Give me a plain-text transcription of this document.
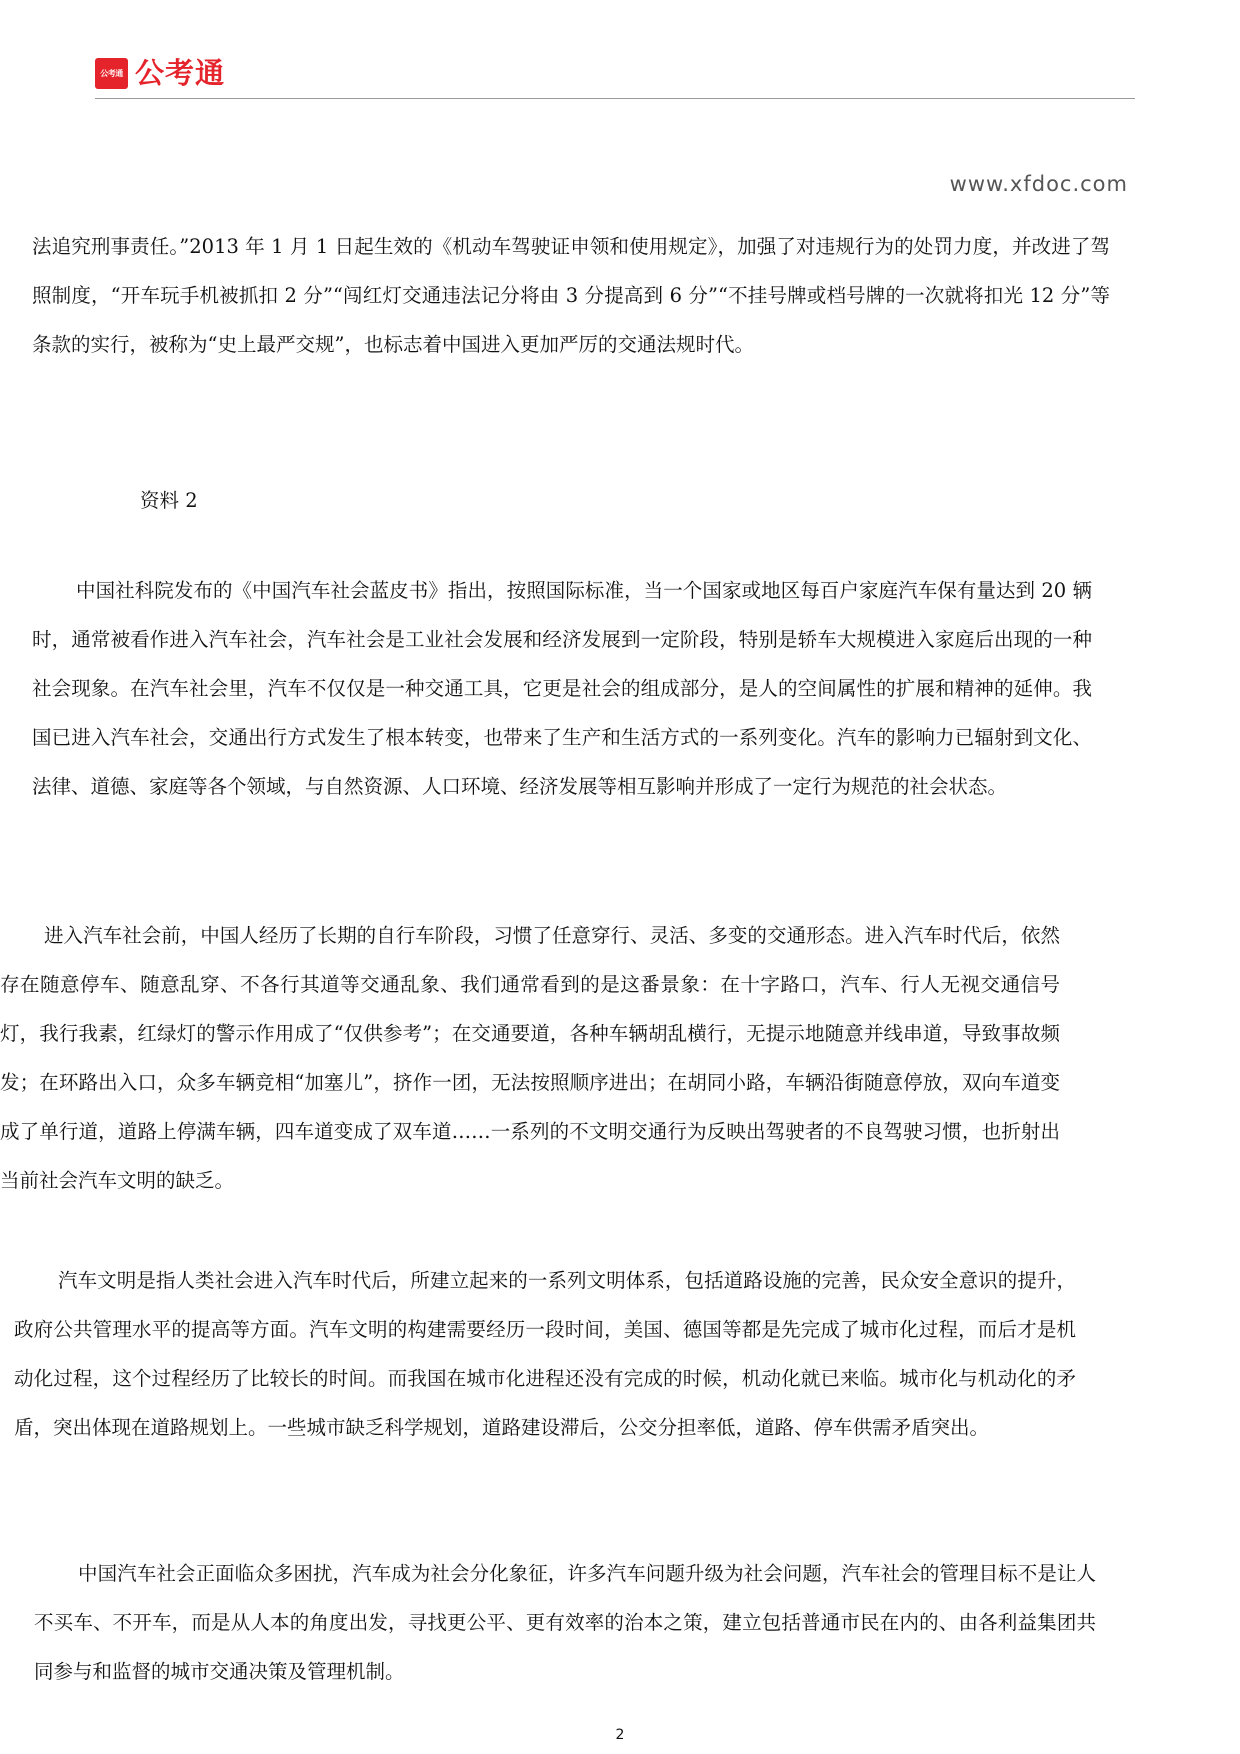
公考通 公考通
www.xfdoc.com

法追究刑事责任。”2013 年 1 月 1 日起生效的《机动车驾驶证申领和使用规定》，加强了对违规行为的处罚力度，并改进了驾照制度，“开车玩手机被抓扣 2 分”“闯红灯交通违法记分将由 3 分提高到 6 分”“不挂号牌或档号牌的一次就将扣光 12 分”等条款的实行，被称为“史上最严交规”，也标志着中国进入更加严厉的交通法规时代。

资料 2

中国社科院发布的《中国汽车社会蓝皮书》指出，按照国际标准，当一个国家或地区每百户家庭汽车保有量达到 20 辆时，通常被看作进入汽车社会，汽车社会是工业社会发展和经济发展到一定阶段，特别是轿车大规模进入家庭后出现的一种社会现象。在汽车社会里，汽车不仅仅是一种交通工具，它更是社会的组成部分，是人的空间属性的扩展和精神的延伸。我国已进入汽车社会，交通出行方式发生了根本转变，也带来了生产和生活方式的一系列变化。汽车的影响力已辐射到文化、法律、道德、家庭等各个领域，与自然资源、人口环境、经济发展等相互影响并形成了一定行为规范的社会状态。

进入汽车社会前，中国人经历了长期的自行车阶段，习惯了任意穿行、灵活、多变的交通形态。进入汽车时代后，依然存在随意停车、随意乱穿、不各行其道等交通乱象、我们通常看到的是这番景象：在十字路口，汽车、行人无视交通信号灯，我行我素，红绿灯的警示作用成了“仅供参考”；在交通要道，各种车辆胡乱横行，无提示地随意并线串道，导致事故频发；在环路出入口，众多车辆竞相“加塞儿”，挤作一团，无法按照顺序进出；在胡同小路，车辆沿街随意停放，双向车道变成了单行道，道路上停满车辆，四车道变成了双车道……一系列的不文明交通行为反映出驾驶者的不良驾驶习惯，也折射出当前社会汽车文明的缺乏。

汽车文明是指人类社会进入汽车时代后，所建立起来的一系列文明体系，包括道路设施的完善，民众安全意识的提升，政府公共管理水平的提高等方面。汽车文明的构建需要经历一段时间，美国、德国等都是先完成了城市化过程，而后才是机动化过程，这个过程经历了比较长的时间。而我国在城市化进程还没有完成的时候，机动化就已来临。城市化与机动化的矛盾，突出体现在道路规划上。一些城市缺乏科学规划，道路建设滞后，公交分担率低，道路、停车供需矛盾突出。

中国汽车社会正面临众多困扰，汽车成为社会分化象征，许多汽车问题升级为社会问题，汽车社会的管理目标不是让人不买车、不开车，而是从人本的角度出发，寻找更公平、更有效率的治本之策，建立包括普通市民在内的、由各利益集团共同参与和监督的城市交通决策及管理机制。

2
